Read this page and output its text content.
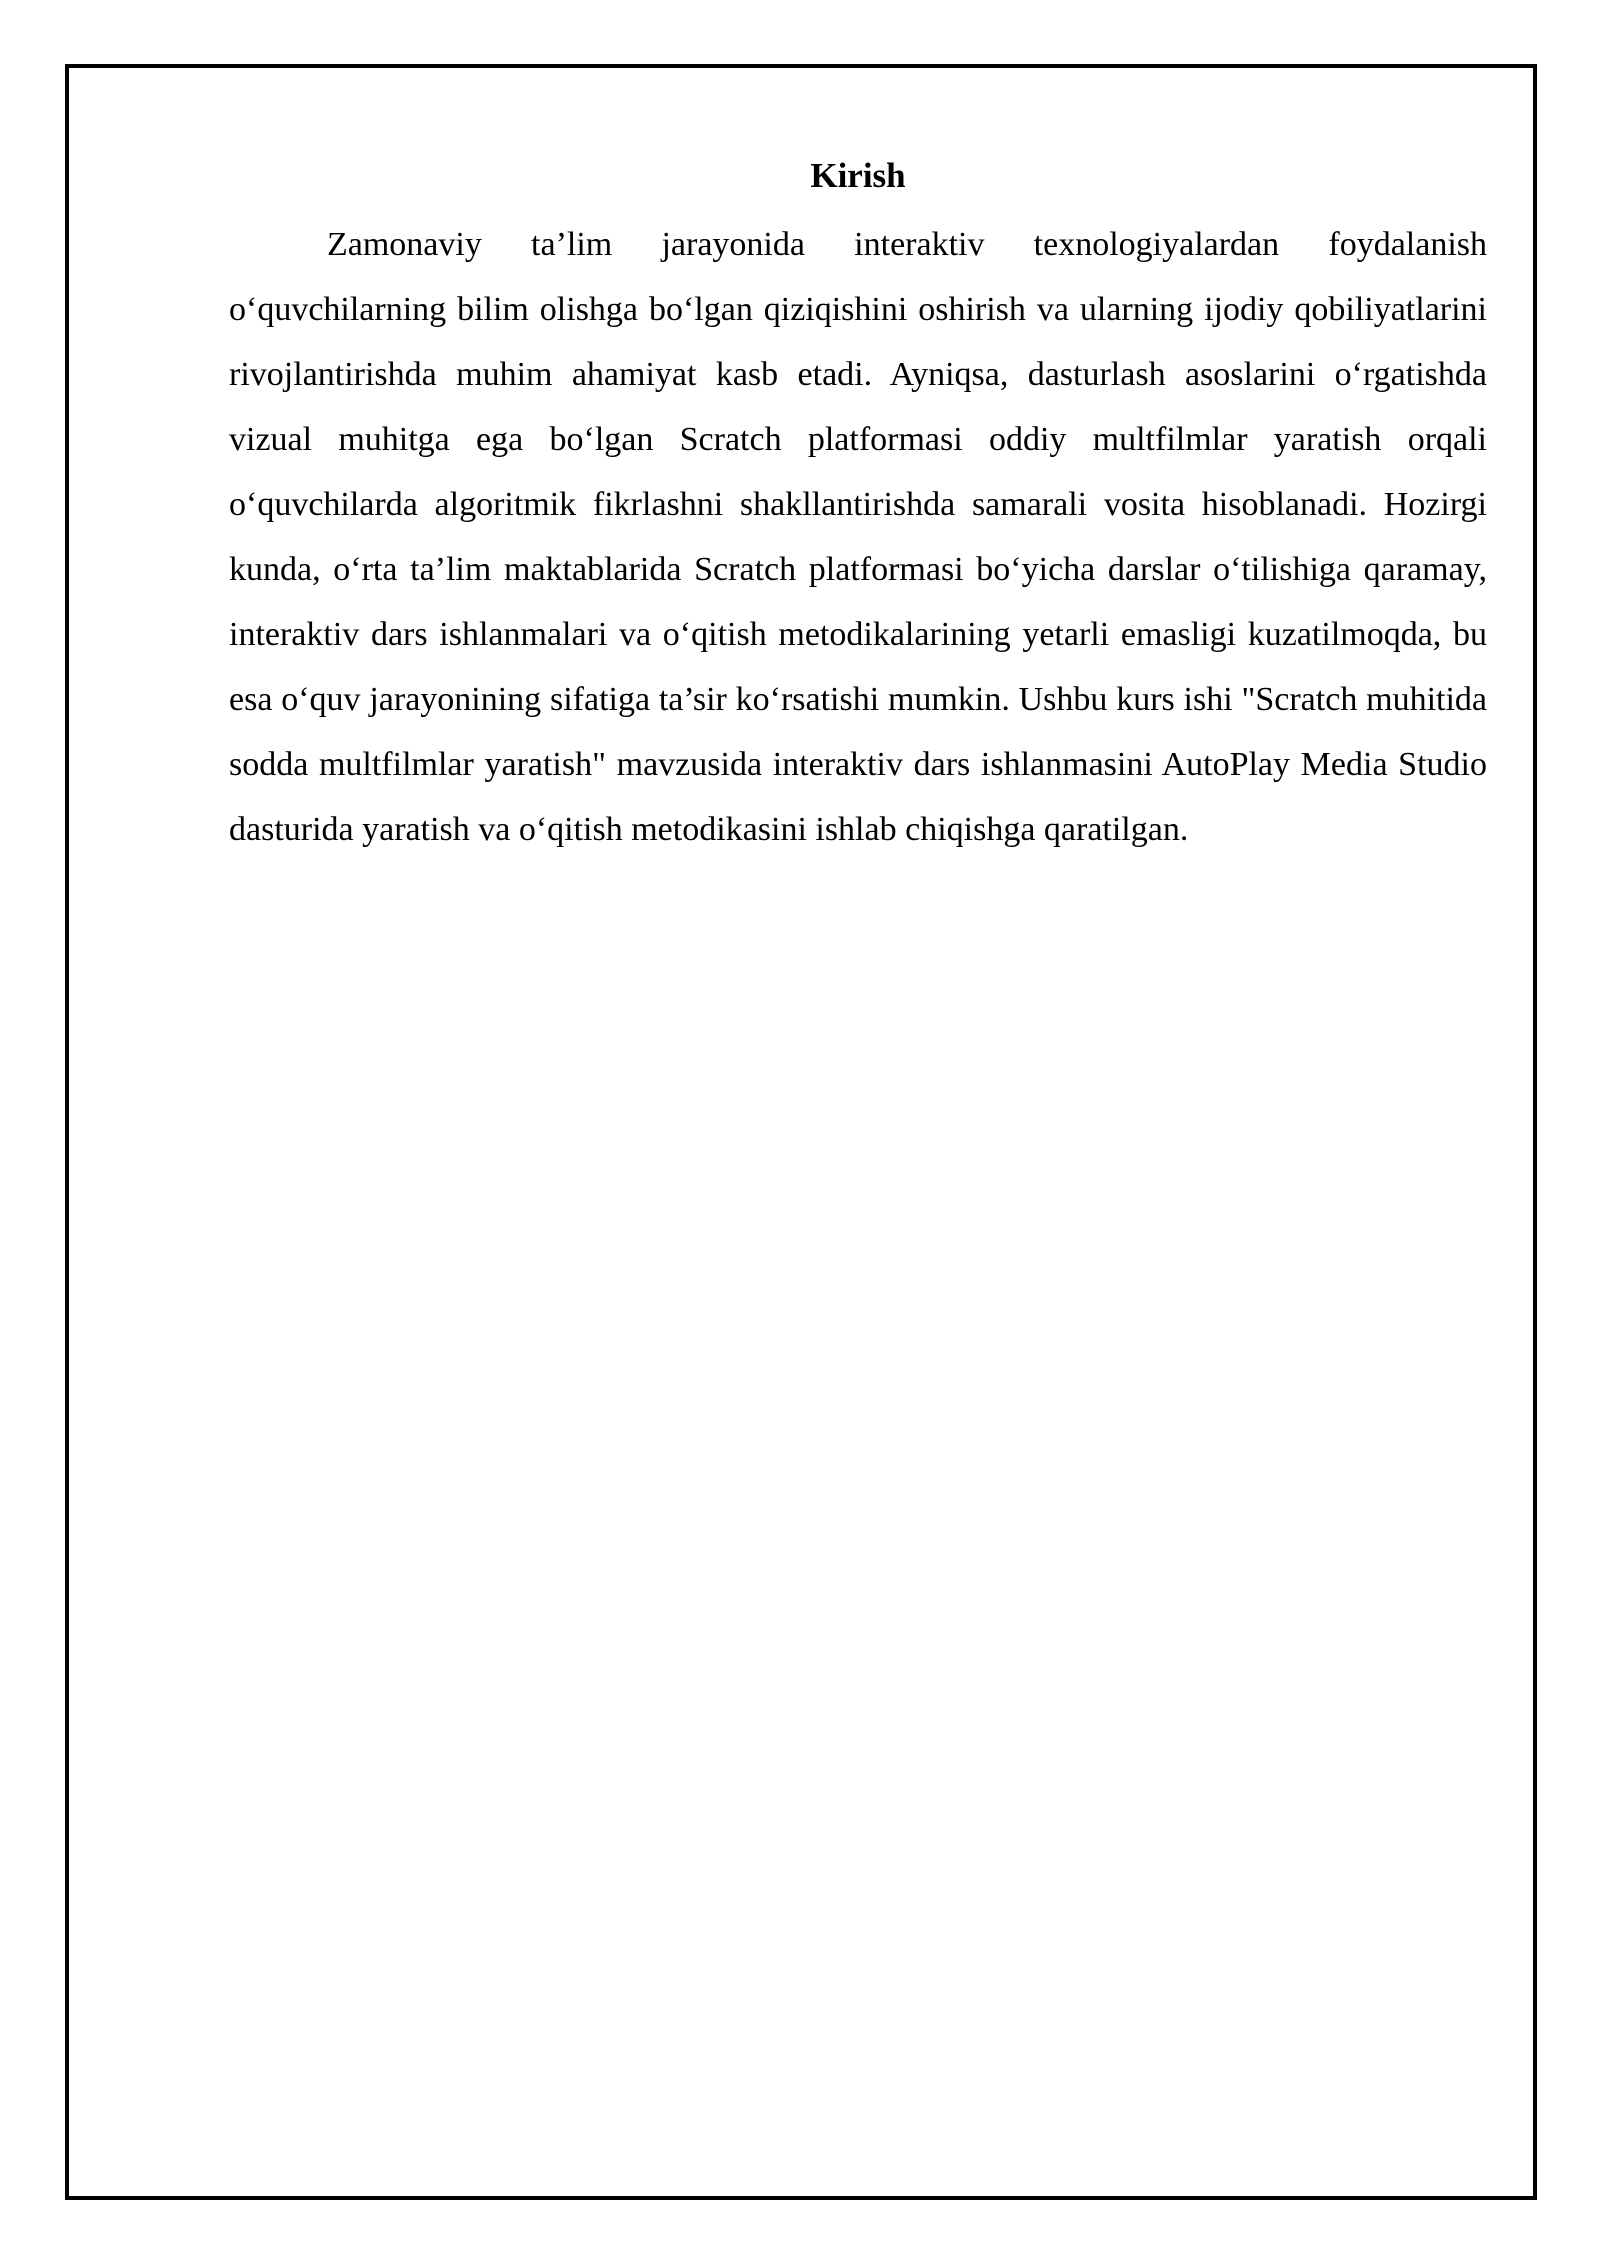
Kirish

Zamonaviy ta’lim jarayonida interaktiv texnologiyalardan foydalanish o‘quvchilarning bilim olishga bo‘lgan qiziqishini oshirish va ularning ijodiy qobiliyatlarini rivojlantirishda muhim ahamiyat kasb etadi. Ayniqsa, dasturlash asoslarini o‘rgatishda vizual muhitga ega bo‘lgan Scratch platformasi oddiy multfilmlar yaratish orqali o‘quvchilarda algoritmik fikrlashni shakllantirishda samarali vosita hisoblanadi. Hozirgi kunda, o‘rta ta’lim maktablarida Scratch platformasi bo‘yicha darslar o‘tilishiga qaramay, interaktiv dars ishlanmalari va o‘qitish metodikalarining yetarli emasligi kuzatilmoqda, bu esa o‘quv jarayonining sifatiga ta’sir ko‘rsatishi mumkin. Ushbu kurs ishi "Scratch muhitida sodda multfilmlar yaratish" mavzusida interaktiv dars ishlanmasini AutoPlay Media Studio dasturida yaratish va o‘qitish metodikasini ishlab chiqishga qaratilgan.
